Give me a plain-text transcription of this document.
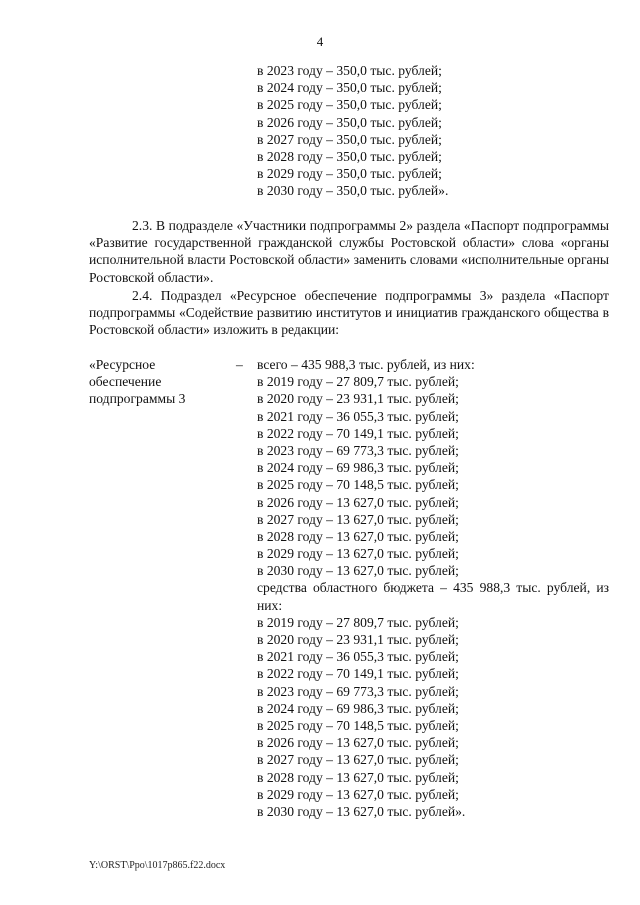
4
в 2023 году – 350,0 тыс. рублей;
в 2024 году – 350,0 тыс. рублей;
в 2025 году – 350,0 тыс. рублей;
в 2026 году – 350,0 тыс. рублей;
в 2027 году – 350,0 тыс. рублей;
в 2028 году – 350,0 тыс. рублей;
в 2029 году – 350,0 тыс. рублей;
в 2030 году – 350,0 тыс. рублей».
2.3. В подразделе «Участники подпрограммы 2» раздела «Паспорт подпрограммы «Развитие государственной гражданской службы Ростовской области» слова «органы исполнительной власти Ростовской области» заменить словами «исполнительные органы Ростовской области».
2.4. Подраздел «Ресурсное обеспечение подпрограммы 3» раздела «Паспорт подпрограммы «Содействие развитию институтов и инициатив гражданского общества в Ростовской области» изложить в редакции:
«Ресурсное
обеспечение
подпрограммы 3
– всего – 435 988,3 тыс. рублей, из них:
в 2019 году – 27 809,7 тыс. рублей;
в 2020 году – 23 931,1 тыс. рублей;
в 2021 году – 36 055,3 тыс. рублей;
в 2022 году – 70 149,1 тыс. рублей;
в 2023 году – 69 773,3 тыс. рублей;
в 2024 году – 69 986,3 тыс. рублей;
в 2025 году – 70 148,5 тыс. рублей;
в 2026 году – 13 627,0 тыс. рублей;
в 2027 году – 13 627,0 тыс. рублей;
в 2028 году – 13 627,0 тыс. рублей;
в 2029 году – 13 627,0 тыс. рублей;
в 2030 году – 13 627,0 тыс. рублей;
средства областного бюджета – 435 988,3 тыс. рублей, из них:
в 2019 году – 27 809,7 тыс. рублей;
в 2020 году – 23 931,1 тыс. рублей;
в 2021 году – 36 055,3 тыс. рублей;
в 2022 году – 70 149,1 тыс. рублей;
в 2023 году – 69 773,3 тыс. рублей;
в 2024 году – 69 986,3 тыс. рублей;
в 2025 году – 70 148,5 тыс. рублей;
в 2026 году – 13 627,0 тыс. рублей;
в 2027 году – 13 627,0 тыс. рублей;
в 2028 году – 13 627,0 тыс. рублей;
в 2029 году – 13 627,0 тыс. рублей;
в 2030 году – 13 627,0 тыс. рублей».
Y:\ORST\Ppo\1017p865.f22.docx
